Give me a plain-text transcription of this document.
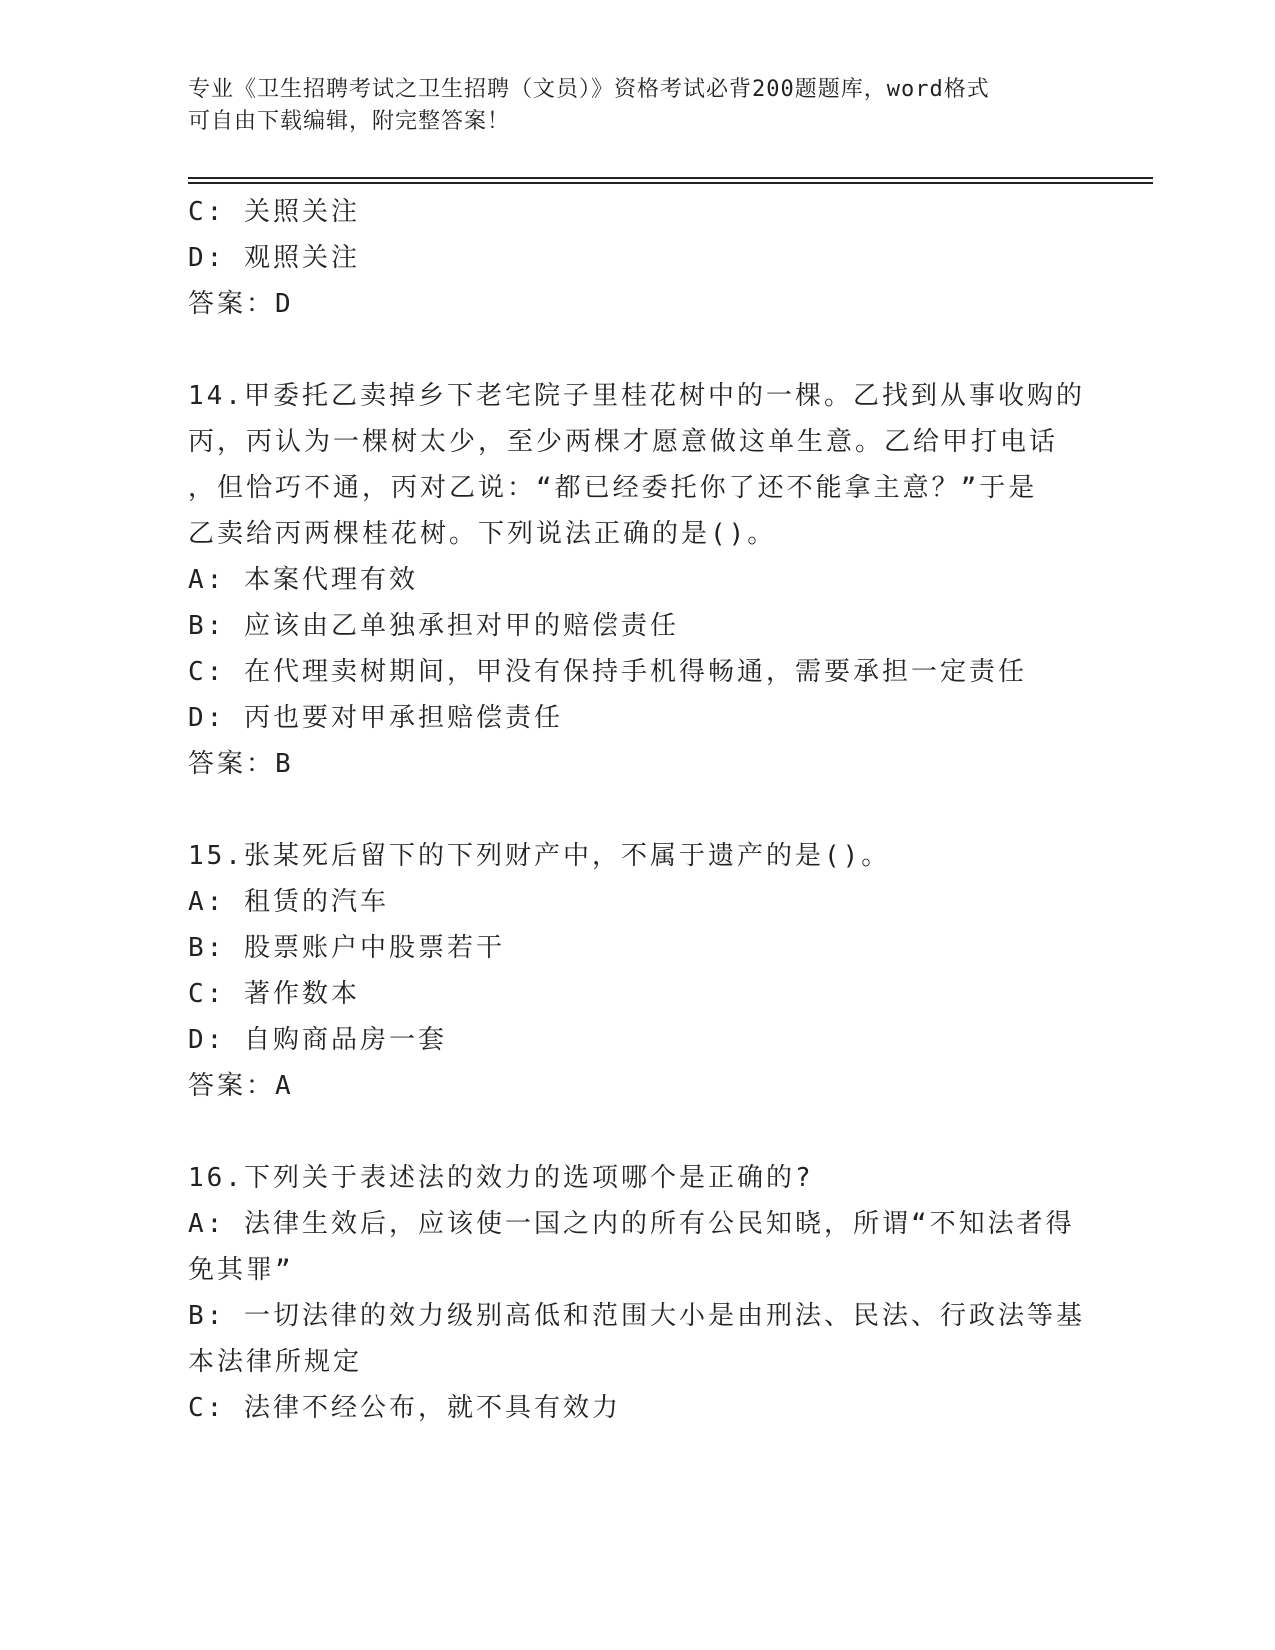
专业《卫生招聘考试之卫生招聘（文员）》资格考试必背200题题库，word格式
可自由下载编辑，附完整答案！

C: 关照关注

D: 观照关注

答案：D

14.甲委托乙卖掉乡下老宅院子里桂花树中的一棵。乙找到从事收购的

丙，丙认为一棵树太少，至少两棵才愿意做这单生意。乙给甲打电话

，但恰巧不通，丙对乙说：“都已经委托你了还不能拿主意？”于是

乙卖给丙两棵桂花树。下列说法正确的是()。

A: 本案代理有效

B: 应该由乙单独承担对甲的赔偿责任

C: 在代理卖树期间，甲没有保持手机得畅通，需要承担一定责任

D: 丙也要对甲承担赔偿责任

答案：B

15.张某死后留下的下列财产中，不属于遗产的是()。

A: 租赁的汽车

B: 股票账户中股票若干

C: 著作数本

D: 自购商品房一套

答案：A

16.下列关于表述法的效力的选项哪个是正确的?

A: 法律生效后，应该使一国之内的所有公民知晓，所谓“不知法者得

免其罪”

B: 一切法律的效力级别高低和范围大小是由刑法、民法、行政法等基

本法律所规定

C: 法律不经公布，就不具有效力
